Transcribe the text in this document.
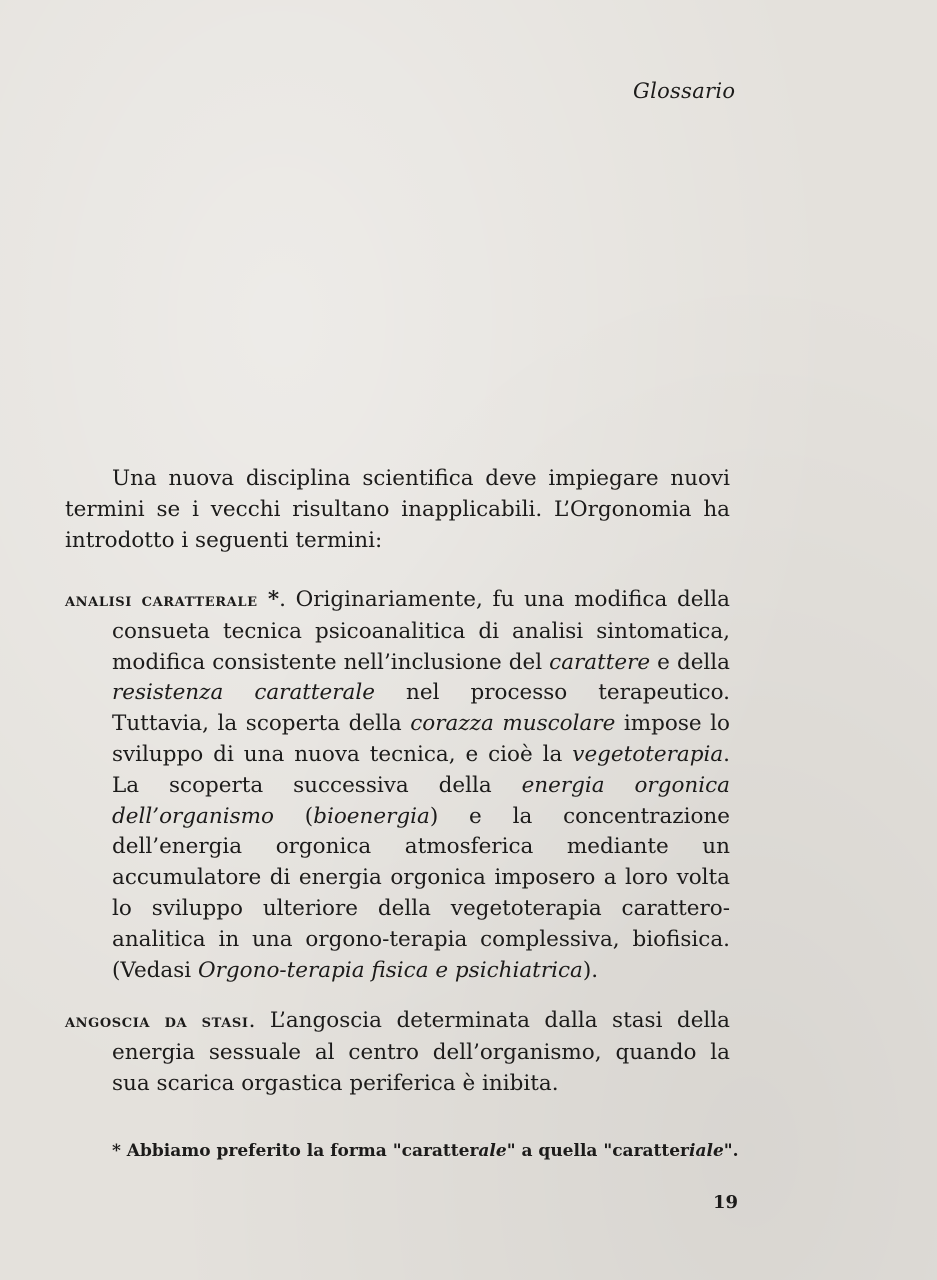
Glossario

Una nuova disciplina scientifica deve impiegare nuovi termini se i vecchi risultano inapplicabili. L’Orgonomia ha introdotto i seguenti termini:

analisi caratterale *. Originariamente, fu una modifica della consueta tecnica psicoanalitica di analisi sintomatica, modifica consistente nell’inclusione del carattere e della resistenza caratterale nel processo terapeutico. Tuttavia, la scoperta della corazza muscolare impose lo sviluppo di una nuova tecnica, e cioè la vegetoterapia. La scoperta successiva della energia orgonica dell’organismo (bioenergia) e la concentrazione dell’energia orgonica atmosferica mediante un accumulatore di energia orgonica imposero a loro volta lo sviluppo ulteriore della vegetoterapia carattero-analitica in una orgono-terapia complessiva, biofisica. (Vedasi Orgono-terapia fisica e psichiatrica).

angoscia da stasi. L’angoscia determinata dalla stasi della energia sessuale al centro dell’organismo, quando la sua scarica orgastica periferica è inibita.

* Abbiamo preferito la forma "caratterale" a quella "caratteriale".
19
